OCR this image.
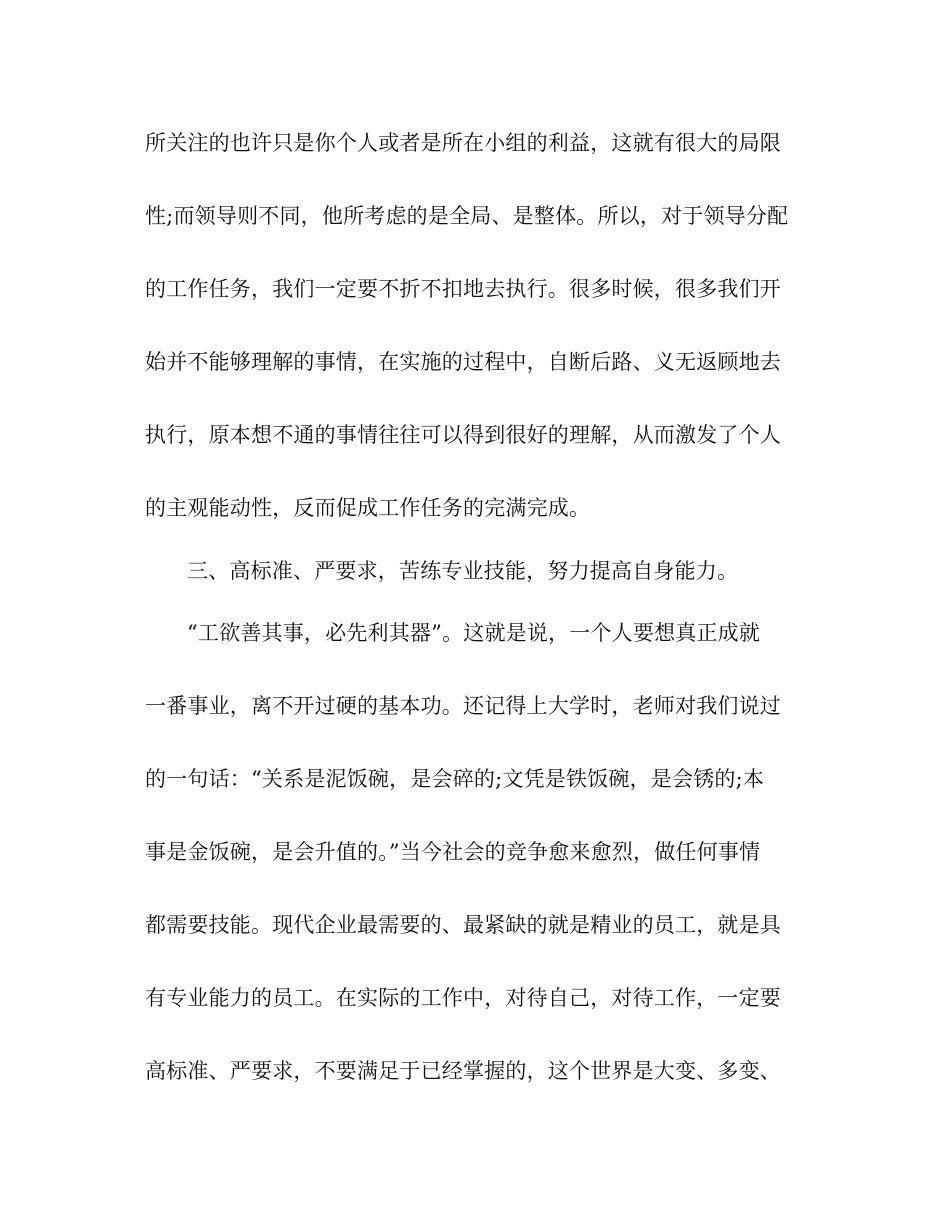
所关注的也许只是你个人或者是所在小组的利益，这就有很大的局限
性;而领导则不同，他所考虑的是全局、是整体。所以，对于领导分配
的工作任务，我们一定要不折不扣地去执行。很多时候，很多我们开
始并不能够理解的事情，在实施的过程中，自断后路、义无返顾地去
执行，原本想不通的事情往往可以得到很好的理解，从而激发了个人
的主观能动性，反而促成工作任务的完满完成。
三、高标准、严要求，苦练专业技能，努力提高自身能力。
“工欲善其事，必先利其器”。这就是说，一个人要想真正成就
一番事业，离不开过硬的基本功。还记得上大学时，老师对我们说过
的一句话：“关系是泥饭碗，是会碎的;文凭是铁饭碗，是会锈的;本
事是金饭碗，是会升值的。”当今社会的竞争愈来愈烈，做任何事情
都需要技能。现代企业最需要的、最紧缺的就是精业的员工，就是具
有专业能力的员工。在实际的工作中，对待自己，对待工作，一定要
高标准、严要求，不要满足于已经掌握的，这个世界是大变、多变、
